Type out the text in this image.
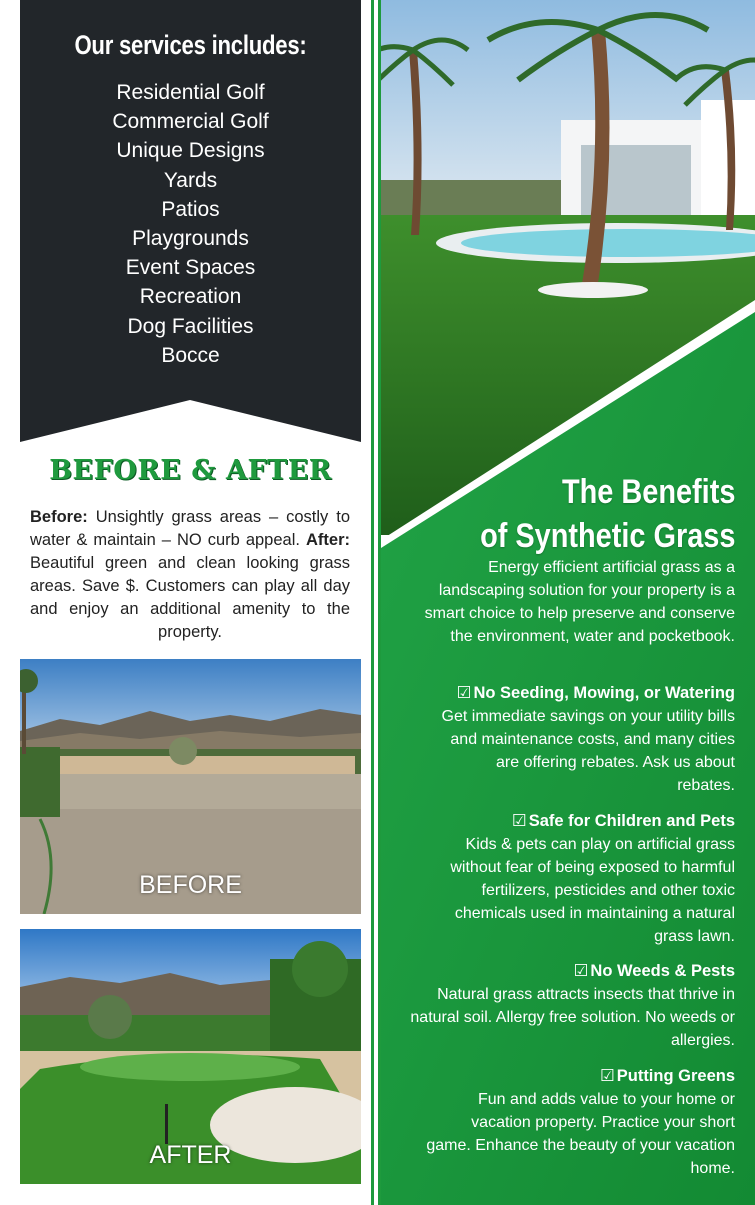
Our services includes:
Residential Golf
Commercial Golf
Unique Designs
Yards
Patios
Playgrounds
Event Spaces
Recreation
Dog Facilities
Bocce
BEFORE & AFTER
Before: Unsightly grass areas – costly to water & maintain – NO curb appeal. After: Beautiful green and clean looking grass areas. Save $. Customers can play all day and enjoy an additional amenity to the property.
BEFORE
AFTER
The Benefits
of Synthetic Grass
Energy efficient artificial grass as a landscaping solution for your property is a smart choice to help preserve and conserve the environment, water and pocketbook.
☑ No Seeding, Mowing, or Watering
Get immediate savings on your utility bills and maintenance costs, and many cities are offering rebates. Ask us about rebates.
☑ Safe for Children and Pets
Kids & pets can play on artificial grass without fear of being exposed to harmful fertilizers, pesticides and other toxic chemicals used in maintaining a natural grass lawn.
☑ No Weeds & Pests
Natural grass attracts insects that thrive in natural soil. Allergy free solution. No weeds or allergies.
☑ Putting Greens
Fun and adds value to your home or vacation property. Practice your short game. Enhance the beauty of your vacation home.
